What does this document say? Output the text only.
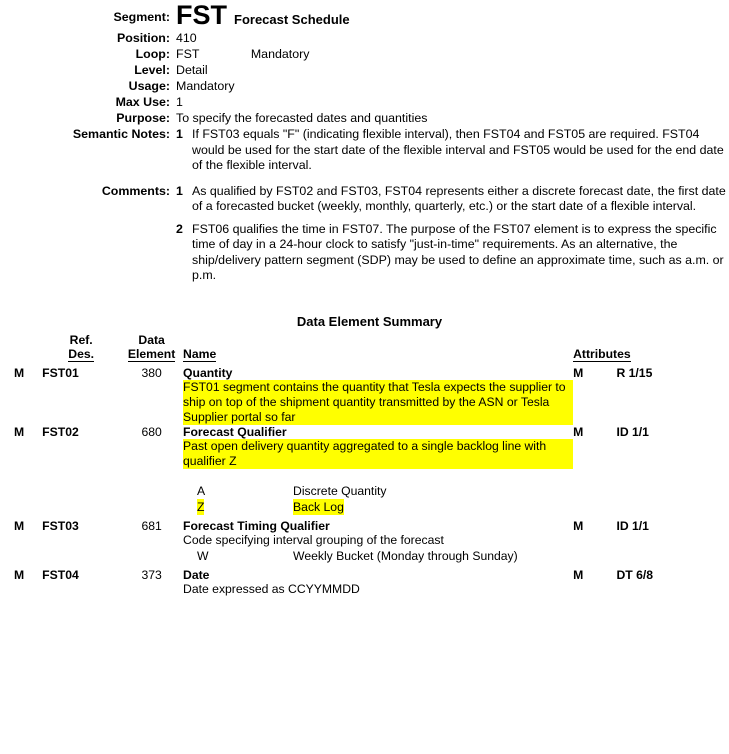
Segment: FST Forecast Schedule
Position: 410
Loop: FST	Mandatory
Level: Detail
Usage: Mandatory
Max Use: 1
Purpose: To specify the forecasted dates and quantities
Semantic Notes: 1 If FST03 equals "F" (indicating flexible interval), then FST04 and FST05 are required. FST04 would be used for the start date of the flexible interval and FST05 would be used for the end date of the flexible interval.
Comments: 1 As qualified by FST02 and FST03, FST04 represents either a discrete forecast date, the first date of a forecasted bucket (weekly, monthly, quarterly, etc.) or the start date of a flexible interval.
2 FST06 qualifies the time in FST07. The purpose of the FST07 element is to express the specific time of day in a 24-hour clock to satisfy "just-in-time" requirements. As an alternative, the ship/delivery pattern segment (SDP) may be used to define an approximate time, such as a.m. or p.m.
Data Element Summary

	Ref.	Data			

	Des.	Element	Name	Attributes	
M	FST01	380	Quantity
FST01 segment contains the quantity that Tesla expects the supplier to ship on top of the shipment quantity transmitted by the ASN or Tesla Supplier portal so far	M	R 1/15
M	FST02	680	Forecast Qualifier
Past open delivery quantity aggregated to a single backlog line with qualifier Z	M	ID 1/1

			A Discrete Quantity
Z Back Log		

M	FST03	681	Forecast Timing Qualifier
Code specifying interval grouping of the forecast	M	ID 1/1

			W Weekly Bucket (Monday through Sunday)		

M	FST04	373	Date
Date expressed as CCYYMMDD	M	DT 6/8
